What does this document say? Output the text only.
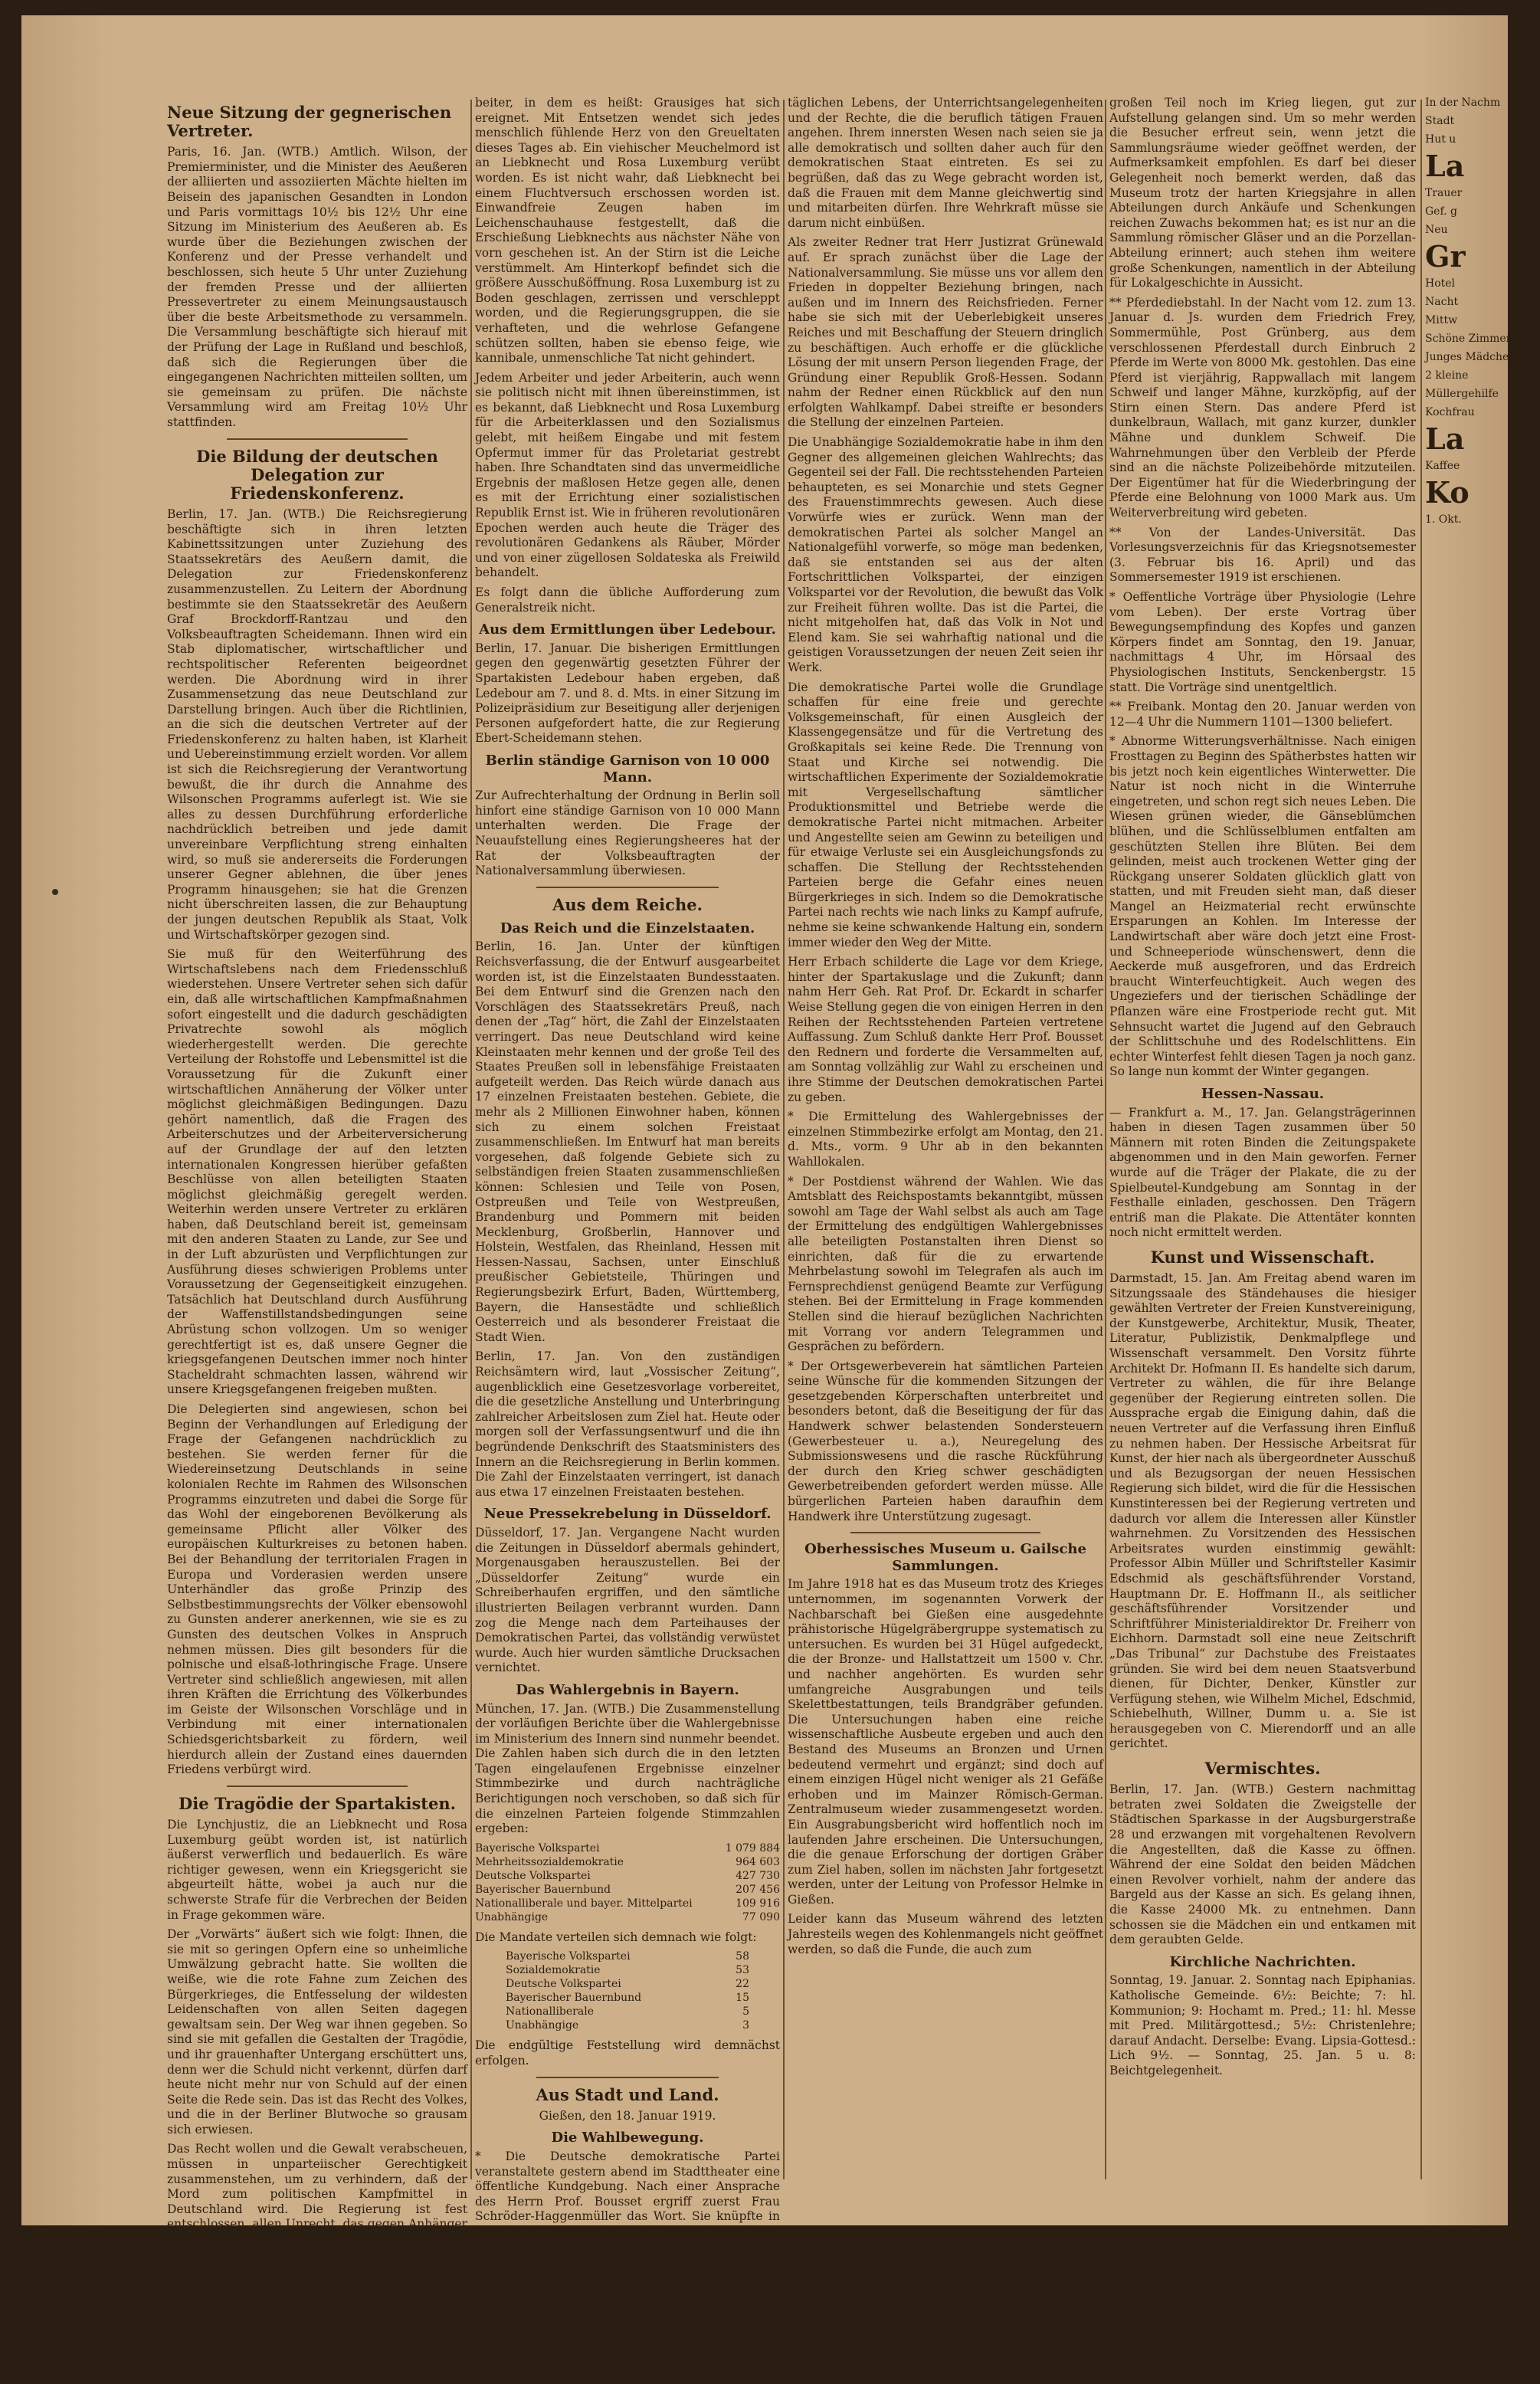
Neue Sitzung der gegnerischen Vertreter.

Paris, 16. Jan. (WTB.) Amtlich. Wilson, der Premierminister, und die Minister des Aeußeren der alliierten und assoziierten Mächte hielten im Beisein des japanischen Gesandten in London und Paris vormittags 10½ bis 12½ Uhr eine Sitzung im Ministerium des Aeußeren ab. Es wurde über die Beziehungen zwischen der Konferenz und der Presse verhandelt und beschlossen, sich heute 5 Uhr unter Zuziehung der fremden Presse und der alliierten Pressevertreter zu einem Meinungsaustausch über die beste Arbeitsmethode zu versammeln. Die Versammlung beschäftigte sich hierauf mit der Prüfung der Lage in Rußland und beschloß, daß sich die Regierungen über die eingegangenen Nachrichten mitteilen sollten, um sie gemeinsam zu prüfen. Die nächste Versammlung wird am Freitag 10½ Uhr stattfinden.

Die Bildung der deutschen Delegation zur Friedenskonferenz.

Berlin, 17. Jan. (WTB.) Die Reichsregierung beschäftigte sich in ihren letzten Kabinettssitzungen unter Zuziehung des Staatssekretärs des Aeußern damit, die Delegation zur Friedenskonferenz zusammenzustellen. Zu Leitern der Abordnung bestimmte sie den Staatssekretär des Aeußern Graf Brockdorff-Rantzau und den Volksbeauftragten Scheidemann. Ihnen wird ein Stab diplomatischer, wirtschaftlicher und rechtspolitischer Referenten beigeordnet werden. Die Abordnung wird in ihrer Zusammensetzung das neue Deutschland zur Darstellung bringen. Auch über die Richtlinien, an die sich die deutschen Vertreter auf der Friedenskonferenz zu halten haben, ist Klarheit und Uebereinstimmung erzielt worden. Vor allem ist sich die Reichsregierung der Verantwortung bewußt, die ihr durch die Annahme des Wilsonschen Programms auferlegt ist. Wie sie alles zu dessen Durchführung erforderliche nachdrücklich betreiben und jede damit unvereinbare Verpflichtung streng einhalten wird, so muß sie andererseits die Forderungen unserer Gegner ablehnen, die über jenes Programm hinausgehen; sie hat die Grenzen nicht überschreiten lassen, die zur Behauptung der jungen deutschen Republik als Staat, Volk und Wirtschaftskörper gezogen sind.

Sie muß für den Weiterführung des Wirtschaftslebens nach dem Friedensschluß wiederstehen. Unsere Vertreter sehen sich dafür ein, daß alle wirtschaftlichen Kampfmaßnahmen sofort eingestellt und die dadurch geschädigten Privatrechte sowohl als möglich wiederhergestellt werden. Die gerechte Verteilung der Rohstoffe und Lebensmittel ist die Voraussetzung für die Zukunft einer wirtschaftlichen Annäherung der Völker unter möglichst gleichmäßigen Bedingungen. Dazu gehört namentlich, daß die Fragen des Arbeiterschutzes und der Arbeiterversicherung auf der Grundlage der auf den letzten internationalen Kongressen hierüber gefaßten Beschlüsse von allen beteiligten Staaten möglichst gleichmäßig geregelt werden. Weiterhin werden unsere Vertreter zu erklären haben, daß Deutschland bereit ist, gemeinsam mit den anderen Staaten zu Lande, zur See und in der Luft abzurüsten und Verpflichtungen zur Ausführung dieses schwierigen Problems unter Voraussetzung der Gegenseitigkeit einzugehen. Tatsächlich hat Deutschland durch Ausführung der Waffenstillstandsbedingungen seine Abrüstung schon vollzogen. Um so weniger gerechtfertigt ist es, daß unsere Gegner die kriegsgefangenen Deutschen immer noch hinter Stacheldraht schmachten lassen, während wir unsere Kriegsgefangenen freigeben mußten.

Die Delegierten sind angewiesen, schon bei Beginn der Verhandlungen auf Erledigung der Frage der Gefangenen nachdrücklich zu bestehen. Sie werden ferner für die Wiedereinsetzung Deutschlands in seine kolonialen Rechte im Rahmen des Wilsonschen Programms einzutreten und dabei die Sorge für das Wohl der eingeborenen Bevölkerung als gemeinsame Pflicht aller Völker des europäischen Kulturkreises zu betonen haben. Bei der Behandlung der territorialen Fragen in Europa und Vorderasien werden unsere Unterhändler das große Prinzip des Selbstbestimmungsrechts der Völker ebensowohl zu Gunsten anderer anerkennen, wie sie es zu Gunsten des deutschen Volkes in Anspruch nehmen müssen. Dies gilt besonders für die polnische und elsaß-lothringische Frage. Unsere Vertreter sind schließlich angewiesen, mit allen ihren Kräften die Errichtung des Völkerbundes im Geiste der Wilsonschen Vorschläge und in Verbindung mit einer internationalen Schiedsgerichtsbarkeit zu fördern, weil hierdurch allein der Zustand eines dauernden Friedens verbürgt wird.

Die Tragödie der Spartakisten.

Die Lynchjustiz, die an Liebknecht und Rosa Luxemburg geübt worden ist, ist natürlich äußerst verwerflich und bedauerlich. Es wäre richtiger gewesen, wenn ein Kriegsgericht sie abgeurteilt hätte, wobei ja auch nur die schwerste Strafe für die Verbrechen der Beiden in Frage gekommen wäre.

Der „Vorwärts“ äußert sich wie folgt: Ihnen, die sie mit so geringen Opfern eine so unheimliche Umwälzung gebracht hatte. Sie wollten die weiße, wie die rote Fahne zum Zeichen des Bürgerkrieges, die Entfesselung der wildesten Leidenschaften von allen Seiten dagegen gewaltsam sein. Der Weg war ihnen gegeben. So sind sie mit gefallen die Gestalten der Tragödie, und ihr grauenhafter Untergang erschüttert uns, denn wer die Schuld nicht verkennt, dürfen darf heute nicht mehr nur von Schuld auf der einen Seite die Rede sein. Das ist das Recht des Volkes, und die in der Berliner Blutwoche so grausam sich erwiesen.

Das Recht wollen und die Gewalt verabscheuen, müssen in unparteiischer Gerechtigkeit zusammenstehen, um zu verhindern, daß der Mord zum politischen Kampfmittel in Deutschland wird. Die Regierung ist fest entschlossen, allen Unrecht, das gegen Anhänger der Spartakusbewegung begangen wird, ebenso unnachsichtlich entgegenzutreten, wie allem Unrecht, das diese selbst begangen. Das ist das einzige, was unser Gerechtigkeit von ihr verlangen kann.

Die Unabhängigen über Liebknechts Tod.

Berlin, 17. Jan. Die Parteileitung der Unabhängigen erläßt einen Aufruf an die Ar-

beiter, in dem es heißt: Grausiges hat sich ereignet. Mit Entsetzen wendet sich jedes menschlich fühlende Herz von den Greueltaten dieses Tages ab. Ein viehischer Meuchelmord ist an Liebknecht und Rosa Luxemburg verübt worden. Es ist nicht wahr, daß Liebknecht bei einem Fluchtversuch erschossen worden ist. Einwandfreie Zeugen haben im Leichenschauhause festgestellt, daß die Erschießung Liebknechts aus nächster Nähe von vorn geschehen ist. An der Stirn ist die Leiche verstümmelt. Am Hinterkopf befindet sich die größere Ausschußöffnung. Rosa Luxemburg ist zu Boden geschlagen, zerrissen und verschleppt worden, und die Regierungsgruppen, die sie verhafteten, und die wehrlose Gefangene schützen sollten, haben sie ebenso feige, wie kannibale, unmenschliche Tat nicht gehindert.

Jedem Arbeiter und jeder Arbeiterin, auch wenn sie politisch nicht mit ihnen übereinstimmen, ist es bekannt, daß Liebknecht und Rosa Luxemburg für die Arbeiterklassen und den Sozialismus gelebt, mit heißem Eingabe und mit festem Opfermut immer für das Proletariat gestrebt haben. Ihre Schandtaten sind das unvermeidliche Ergebnis der maßlosen Hetze gegen alle, denen es mit der Errichtung einer sozialistischen Republik Ernst ist. Wie in früheren revolutionären Epochen werden auch heute die Träger des revolutionären Gedankens als Räuber, Mörder und von einer zügellosen Soldateska als Freiwild behandelt.

Es folgt dann die übliche Aufforderung zum Generalstreik nicht.

Aus dem Ermittlungen über Ledebour.

Berlin, 17. Januar. Die bisherigen Ermittlungen gegen den gegenwärtig gesetzten Führer der Spartakisten Ledebour haben ergeben, daß Ledebour am 7. und 8. d. Mts. in einer Sitzung im Polizeipräsidium zur Beseitigung aller derjenigen Personen aufgefordert hatte, die zur Regierung Ebert-Scheidemann stehen.

Berlin ständige Garnison von 10 000 Mann.

Zur Aufrechterhaltung der Ordnung in Berlin soll hinfort eine ständige Garnison von 10 000 Mann unterhalten werden. Die Frage der Neuaufstellung eines Regierungsheeres hat der Rat der Volksbeauftragten der Nationalversammlung überwiesen.

Aus dem Reiche.
Das Reich und die Einzelstaaten.

Berlin, 16. Jan. Unter der künftigen Reichsverfassung, die der Entwurf ausgearbeitet worden ist, ist die Einzelstaaten Bundesstaaten. Bei dem Entwurf sind die Grenzen nach den Vorschlägen des Staatssekretärs Preuß, nach denen der „Tag“ hört, die Zahl der Einzelstaaten verringert. Das neue Deutschland wird keine Kleinstaaten mehr kennen und der große Teil des Staates Preußen soll in lebensfähige Freistaaten aufgeteilt werden. Das Reich würde danach aus 17 einzelnen Freistaaten bestehen. Gebiete, die mehr als 2 Millionen Einwohner haben, können sich zu einem solchen Freistaat zusammenschließen. Im Entwurf hat man bereits vorgesehen, daß folgende Gebiete sich zu selbständigen freien Staaten zusammenschließen können: Schlesien und Teile von Posen, Ostpreußen und Teile von Westpreußen, Brandenburg und Pommern mit beiden Mecklenburg, Großberlin, Hannover und Holstein, Westfalen, das Rheinland, Hessen mit Hessen-Nassau, Sachsen, unter Einschluß preußischer Gebietsteile, Thüringen und Regierungsbezirk Erfurt, Baden, Württemberg, Bayern, die Hansestädte und schließlich Oesterreich und als besonderer Freistaat die Stadt Wien.

Berlin, 17. Jan. Von den zuständigen Reichsämtern wird, laut „Vossischer Zeitung“, augenblicklich eine Gesetzesvorlage vorbereitet, die die gesetzliche Anstellung und Unterbringung zahlreicher Arbeitslosen zum Ziel hat. Heute oder morgen soll der Verfassungsentwurf und die ihn begründende Denkschrift des Staatsministers des Innern an die Reichsregierung in Berlin kommen. Die Zahl der Einzelstaaten verringert, ist danach aus etwa 17 einzelnen Freistaaten bestehen.

Neue Pressekrebelung in Düsseldorf.

Düsseldorf, 17. Jan. Vergangene Nacht wurden die Zeitungen in Düsseldorf abermals gehindert, Morgenausgaben herauszustellen. Bei der „Düsseldorfer Zeitung“ wurde ein Schreiberhaufen ergriffen, und den sämtliche illustrierten Beilagen verbrannt wurden. Dann zog die Menge nach dem Parteihauses der Demokratischen Partei, das vollständig verwüstet wurde. Auch hier wurden sämtliche Drucksachen vernichtet.

Das Wahlergebnis in Bayern.

München, 17. Jan. (WTB.) Die Zusammenstellung der vorläufigen Berichte über die Wahlergebnisse im Ministerium des Innern sind nunmehr beendet. Die Zahlen haben sich durch die in den letzten Tagen eingelaufenen Ergebnisse einzelner Stimmbezirke und durch nachträgliche Berichtigungen noch verschoben, so daß sich für die einzelnen Parteien folgende Stimmzahlen ergeben:

Bayerische Volkspartei	1 079 884
Mehrheitssozialdemokratie	964 603
Deutsche Volkspartei	427 730
Bayerischer Bauernbund	207 456
Nationalliberale und bayer. Mittelpartei	109 916
Unabhängige	77 090

Die Mandate verteilen sich demnach wie folgt:

Bayerische Volkspartei	58
Sozialdemokratie	53
Deutsche Volkspartei	22
Bayerischer Bauernbund	15
Nationalliberale	5
Unabhängige	3

Die endgültige Feststellung wird demnächst erfolgen.

Aus Stadt und Land.

Gießen, den 18. Januar 1919.

Die Wahlbewegung.

* Die Deutsche demokratische Partei veranstaltete gestern abend im Stadttheater eine öffentliche Kundgebung. Nach einer Ansprache des Herrn Prof. Bousset ergriff zuerst Frau Schröder-Haggenmüller das Wort. Sie knüpfte in ihren Ausführungen an das Bismarcksche Wort an: Wer seine Stimme hat, der ist auch der Frau gerecht geworden und mußte sie politisch bei den Frauen suchen, die Frau ist gleichberechtigt im politischen Leben und in allen Fragen der äußeren Politik, der Gesetzgebung, der Jugendbetreuung, der Ernährung, der Bevölkerungspolitik, des Ehe- und Familienrechts, des

täglichen Lebens, der Unterrichtsangelegenheiten und der Rechte, die die beruflich tätigen Frauen angehen. Ihrem innersten Wesen nach seien sie ja alle demokratisch und sollten daher auch für den demokratischen Staat eintreten. Es sei zu begrüßen, daß das zu Wege gebracht worden ist, daß die Frauen mit dem Manne gleichwertig sind und mitarbeiten dürfen. Ihre Wehrkraft müsse sie darum nicht einbüßen.

Als zweiter Redner trat Herr Justizrat Grünewald auf. Er sprach zunächst über die Lage der Nationalversammlung. Sie müsse uns vor allem den Frieden in doppelter Beziehung bringen, nach außen und im Innern des Reichsfrieden. Ferner habe sie sich mit der Ueberlebigkeit unseres Reiches und mit Beschaffung der Steuern dringlich zu beschäftigen. Auch erhoffe er die glückliche Lösung der mit unsern Person liegenden Frage, der Gründung einer Republik Groß-Hessen. Sodann nahm der Redner einen Rückblick auf den nun erfolgten Wahlkampf. Dabei streifte er besonders die Stellung der einzelnen Parteien.

Die Unabhängige Sozialdemokratie habe in ihm den Gegner des allgemeinen gleichen Wahlrechts; das Gegenteil sei der Fall. Die rechtsstehenden Parteien behaupteten, es sei Monarchie und stets Gegner des Frauenstimmrechts gewesen. Auch diese Vorwürfe wies er zurück. Wenn man der demokratischen Partei als solcher Mangel an Nationalgefühl vorwerfe, so möge man bedenken, daß sie entstanden sei aus der alten Fortschrittlichen Volkspartei, der einzigen Volkspartei vor der Revolution, die bewußt das Volk zur Freiheit führen wollte. Das ist die Partei, die nicht mitgeholfen hat, daß das Volk in Not und Elend kam. Sie sei wahrhaftig national und die geistigen Voraussetzungen der neuen Zeit seien ihr Werk.

Die demokratische Partei wolle die Grundlage schaffen für eine freie und gerechte Volksgemeinschaft, für einen Ausgleich der Klassengegensätze und für die Vertretung des Großkapitals sei keine Rede. Die Trennung von Staat und Kirche sei notwendig. Die wirtschaftlichen Experimente der Sozialdemokratie mit Vergesellschaftung sämtlicher Produktionsmittel und Betriebe werde die demokratische Partei nicht mitmachen. Arbeiter und Angestellte seien am Gewinn zu beteiligen und für etwaige Verluste sei ein Ausgleichungsfonds zu schaffen. Die Stellung der Rechtsstehenden Parteien berge die Gefahr eines neuen Bürgerkrieges in sich. Indem so die Demokratische Partei nach rechts wie nach links zu Kampf aufrufe, nehme sie keine schwankende Haltung ein, sondern immer wieder den Weg der Mitte.

Herr Erbach schilderte die Lage vor dem Kriege, hinter der Spartakuslage und die Zukunft; dann nahm Herr Geh. Rat Prof. Dr. Eckardt in scharfer Weise Stellung gegen die von einigen Herren in den Reihen der Rechtsstehenden Parteien vertretene Auffassung. Zum Schluß dankte Herr Prof. Bousset den Rednern und forderte die Versammelten auf, am Sonntag vollzählig zur Wahl zu erscheinen und ihre Stimme der Deutschen demokratischen Partei zu geben.

* Die Ermittelung des Wahlergebnisses der einzelnen Stimmbezirke erfolgt am Montag, den 21. d. Mts., vorm. 9 Uhr ab in den bekannten Wahllokalen.

* Der Postdienst während der Wahlen. Wie das Amtsblatt des Reichspostamts bekanntgibt, müssen sowohl am Tage der Wahl selbst als auch am Tage der Ermittelung des endgültigen Wahlergebnisses alle beteiligten Postanstalten ihren Dienst so einrichten, daß für die zu erwartende Mehrbelastung sowohl im Telegrafen als auch im Fernsprechdienst genügend Beamte zur Verfügung stehen. Bei der Ermittelung in Frage kommenden Stellen sind die hierauf bezüglichen Nachrichten mit Vorrang vor andern Telegrammen und Gesprächen zu befördern.

* Der Ortsgewerbeverein hat sämtlichen Parteien seine Wünsche für die kommenden Sitzungen der gesetzgebenden Körperschaften unterbreitet und besonders betont, daß die Beseitigung der für das Handwerk schwer belastenden Sondersteuern (Gewerbesteuer u. a.), Neuregelung des Submissionswesens und die rasche Rückführung der durch den Krieg schwer geschädigten Gewerbetreibenden gefordert werden müsse. Alle bürgerlichen Parteien haben daraufhin dem Handwerk ihre Unterstützung zugesagt.

Oberhessisches Museum u. Gailsche Sammlungen.

Im Jahre 1918 hat es das Museum trotz des Krieges unternommen, im sogenannten Vorwerk der Nachbarschaft bei Gießen eine ausgedehnte prähistorische Hügelgräbergruppe systematisch zu untersuchen. Es wurden bei 31 Hügel aufgedeckt, die der Bronze- und Hallstattzeit um 1500 v. Chr. und nachher angehörten. Es wurden sehr umfangreiche Ausgrabungen und teils Skelettbestattungen, teils Brandgräber gefunden. Die Untersuchungen haben eine reiche wissenschaftliche Ausbeute ergeben und auch den Bestand des Museums an Bronzen und Urnen bedeutend vermehrt und ergänzt; sind doch auf einem einzigen Hügel nicht weniger als 21 Gefäße erhoben und im Mainzer Römisch-German. Zentralmuseum wieder zusammengesetzt worden. Ein Ausgrabungsbericht wird hoffentlich noch im laufenden Jahre erscheinen. Die Untersuchungen, die die genaue Erforschung der dortigen Gräber zum Ziel haben, sollen im nächsten Jahr fortgesetzt werden, unter der Leitung von Professor Helmke in Gießen.

Leider kann das Museum während des letzten Jahresteils wegen des Kohlenmangels nicht geöffnet werden, so daß die Funde, die auch zum

großen Teil noch im Krieg liegen, gut zur Aufstellung gelangen sind. Um so mehr werden die Besucher erfreut sein, wenn jetzt die Sammlungsräume wieder geöffnet werden, der Aufmerksamkeit empfohlen. Es darf bei dieser Gelegenheit noch bemerkt werden, daß das Museum trotz der harten Kriegsjahre in allen Abteilungen durch Ankäufe und Schenkungen reichen Zuwachs bekommen hat; es ist nur an die Sammlung römischer Gläser und an die Porzellan-Abteilung erinnert; auch stehen ihm weitere große Schenkungen, namentlich in der Abteilung für Lokalgeschichte in Aussicht.

** Pferdediebstahl. In der Nacht vom 12. zum 13. Januar d. Js. wurden dem Friedrich Frey, Sommermühle, Post Grünberg, aus dem verschlossenen Pferdestall durch Einbruch 2 Pferde im Werte von 8000 Mk. gestohlen. Das eine Pferd ist vierjährig, Rappwallach mit langem Schweif und langer Mähne, kurzköpfig, auf der Stirn einen Stern. Das andere Pferd ist dunkelbraun, Wallach, mit ganz kurzer, dunkler Mähne und dunklem Schweif. Die Wahrnehmungen über den Verbleib der Pferde sind an die nächste Polizeibehörde mitzuteilen. Der Eigentümer hat für die Wiederbringung der Pferde eine Belohnung von 1000 Mark aus. Um Weiterverbreitung wird gebeten.

** Von der Landes-Universität. Das Vorlesungsverzeichnis für das Kriegsnotsemester (3. Februar bis 16. April) und das Sommersemester 1919 ist erschienen.

* Oeffentliche Vorträge über Physiologie (Lehre vom Leben). Der erste Vortrag über Bewegungsempfindung des Kopfes und ganzen Körpers findet am Sonntag, den 19. Januar, nachmittags 4 Uhr, im Hörsaal des Physiologischen Instituts, Senckenbergstr. 15 statt. Die Vorträge sind unentgeltlich.

** Freibank. Montag den 20. Januar werden von 12—4 Uhr die Nummern 1101—1300 beliefert.

* Abnorme Witterungsverhältnisse. Nach einigen Frosttagen zu Beginn des Spätherbstes hatten wir bis jetzt noch kein eigentliches Winterwetter. Die Natur ist noch nicht in die Winterruhe eingetreten, und schon regt sich neues Leben. Die Wiesen grünen wieder, die Gänseblümchen blühen, und die Schlüsselblumen entfalten am geschützten Stellen ihre Blüten. Bei dem gelinden, meist auch trockenen Wetter ging der Rückgang unserer Soldaten glücklich glatt von statten, und mit Freuden sieht man, daß dieser Mangel an Heizmaterial recht erwünschte Ersparungen an Kohlen. Im Interesse der Landwirtschaft aber wäre doch jetzt eine Frost- und Schneeperiode wünschenswert, denn die Aeckerde muß ausgefroren, und das Erdreich braucht Winterfeuchtigkeit. Auch wegen des Ungeziefers und der tierischen Schädlinge der Pflanzen wäre eine Frostperiode recht gut. Mit Sehnsucht wartet die Jugend auf den Gebrauch der Schlittschuhe und des Rodelschlittens. Ein echter Winterfest fehlt diesen Tagen ja noch ganz. So lange nun kommt der Winter gegangen.

Hessen-Nassau.

— Frankfurt a. M., 17. Jan. Gelangsträgerinnen haben in diesen Tagen zusammen über 50 Männern mit roten Binden die Zeitungspakete abgenommen und in den Main geworfen. Ferner wurde auf die Träger der Plakate, die zu der Spielbeutel-Kundgebung am Sonntag in der Festhalle einladen, geschossen. Den Trägern entriß man die Plakate. Die Attentäter konnten noch nicht ermittelt werden.

Kunst und Wissenschaft.

Darmstadt, 15. Jan. Am Freitag abend waren im Sitzungssaale des Ständehauses die hiesiger gewählten Vertreter der Freien Kunstvereinigung, der Kunstgewerbe, Architektur, Musik, Theater, Literatur, Publizistik, Denkmalpflege und Wissenschaft versammelt. Den Vorsitz führte Architekt Dr. Hofmann II. Es handelte sich darum, Vertreter zu wählen, die für ihre Belange gegenüber der Regierung eintreten sollen. Die Aussprache ergab die Einigung dahin, daß die neuen Vertreter auf die Verfassung ihren Einfluß zu nehmen haben. Der Hessische Arbeitsrat für Kunst, der hier nach als übergeordneter Ausschuß und als Bezugsorgan der neuen Hessischen Regierung sich bildet, wird die für die Hessischen Kunstinteressen bei der Regierung vertreten und dadurch vor allem die Interessen aller Künstler wahrnehmen. Zu Vorsitzenden des Hessischen Arbeitsrates wurden einstimmig gewählt: Professor Albin Müller und Schriftsteller Kasimir Edschmid als geschäftsführender Vorstand, Hauptmann Dr. E. Hoffmann II., als seitlicher geschäftsführender Vorsitzender und Schriftführer Ministerialdirektor Dr. Freiherr von Eichhorn. Darmstadt soll eine neue Zeitschrift „Das Tribunal“ zur Dachstube des Freistaates gründen. Sie wird bei dem neuen Staatsverbund dienen, für Dichter, Denker, Künstler zur Verfügung stehen, wie Wilhelm Michel, Edschmid, Schiebelhuth, Willner, Dumm u. a. Sie ist herausgegeben von C. Mierendorff und an alle gerichtet.

Vermischtes.

Berlin, 17. Jan. (WTB.) Gestern nachmittag betraten zwei Soldaten die Zweigstelle der Städtischen Sparkasse in der Augsburgerstraße 28 und erzwangen mit vorgehaltenen Revolvern die Angestellten, daß die Kasse zu öffnen. Während der eine Soldat den beiden Mädchen einen Revolver vorhielt, nahm der andere das Bargeld aus der Kasse an sich. Es gelang ihnen, die Kasse 24000 Mk. zu entnehmen. Dann schossen sie die Mädchen ein und entkamen mit dem geraubten Gelde.

Kirchliche Nachrichten.

Sonntag, 19. Januar. 2. Sonntag nach Epiphanias. Katholische Gemeinde. 6½: Beichte; 7: hl. Kommunion; 9: Hochamt m. Pred.; 11: hl. Messe mit Pred. Militärgottesd.; 5½: Christenlehre; darauf Andacht. Derselbe: Evang. Lipsia-Gottesd.: Lich 9½. — Sonntag, 25. Jan. 5 u. 8: Beichtgelegenheit.

In der Nachm

Stadt

Hut u

La

Trauer

Gef. g

Neu

Gr

Hotel

Nacht

Mittw

Schöne Zimmer

Junges Mädchen

2 kleine

Müllergehilfe

Kochfrau

La

Kaffee

Ko

1. Okt.
